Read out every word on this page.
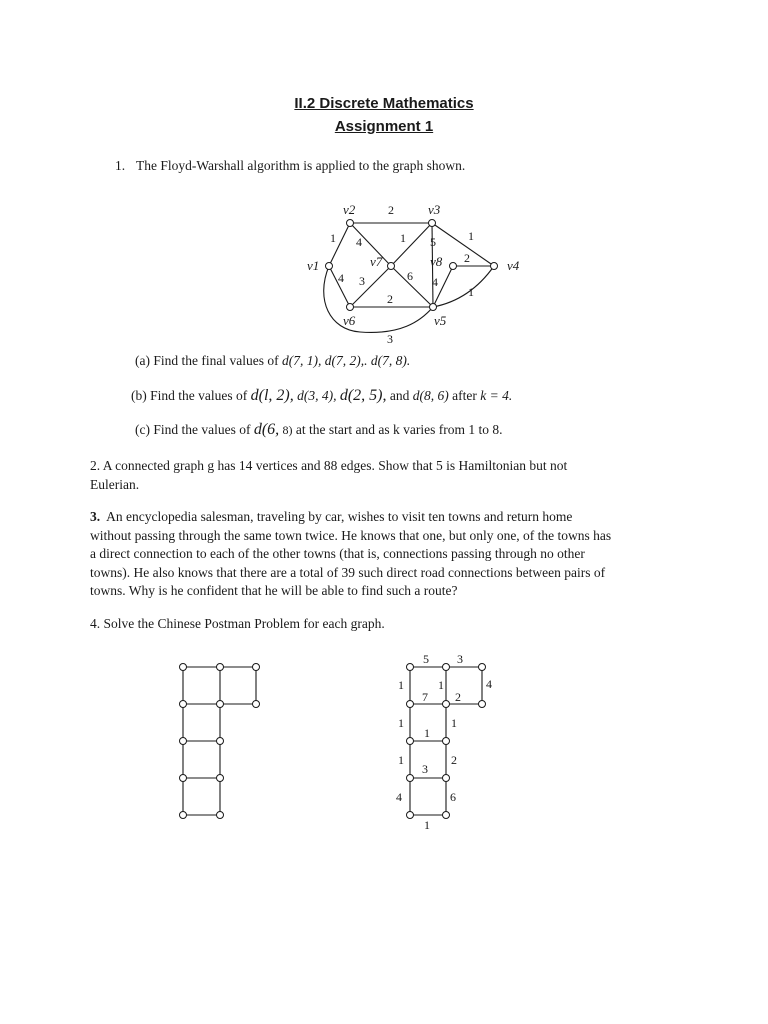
II.2 Discrete Mathematics
Assignment 1
1. The Floyd-Warshall algorithm is applied to the graph shown.
v2	v3
v1	v7	v8	v4
v6	v5
2
1 4	1 5	1
2
1
4 3	6 4
2
3
(a) Find the final values of d(7, 1), d(7, 2),. d(7, 8).
(b) Find the values of d(l, 2), d(3, 4), d(2, 5), and d(8, 6) after k = 4.
(c) Find the values of d(6, 8) at the start and as k varies from 1 to 8.
2. A connected graph g has 14 vertices and 88 edges. Show that 5 is Hamiltonian but not
Eulerian.
3. An encyclopedia salesman, traveling by car, wishes to visit ten towns and return home
without passing through the same town twice. He knows that one, but only one, of the towns has
a direct connection to each of the other towns (that is, connections passing through no other
towns). He also knows that there are a total of 39 such direct road connections between pairs of
towns. Why is he confident that he will be able to find such a route?
4. Solve the Chinese Postman Problem for each graph.
5 3
4
1
7
1
2
1
1
1
1	2
3
4	6
1
